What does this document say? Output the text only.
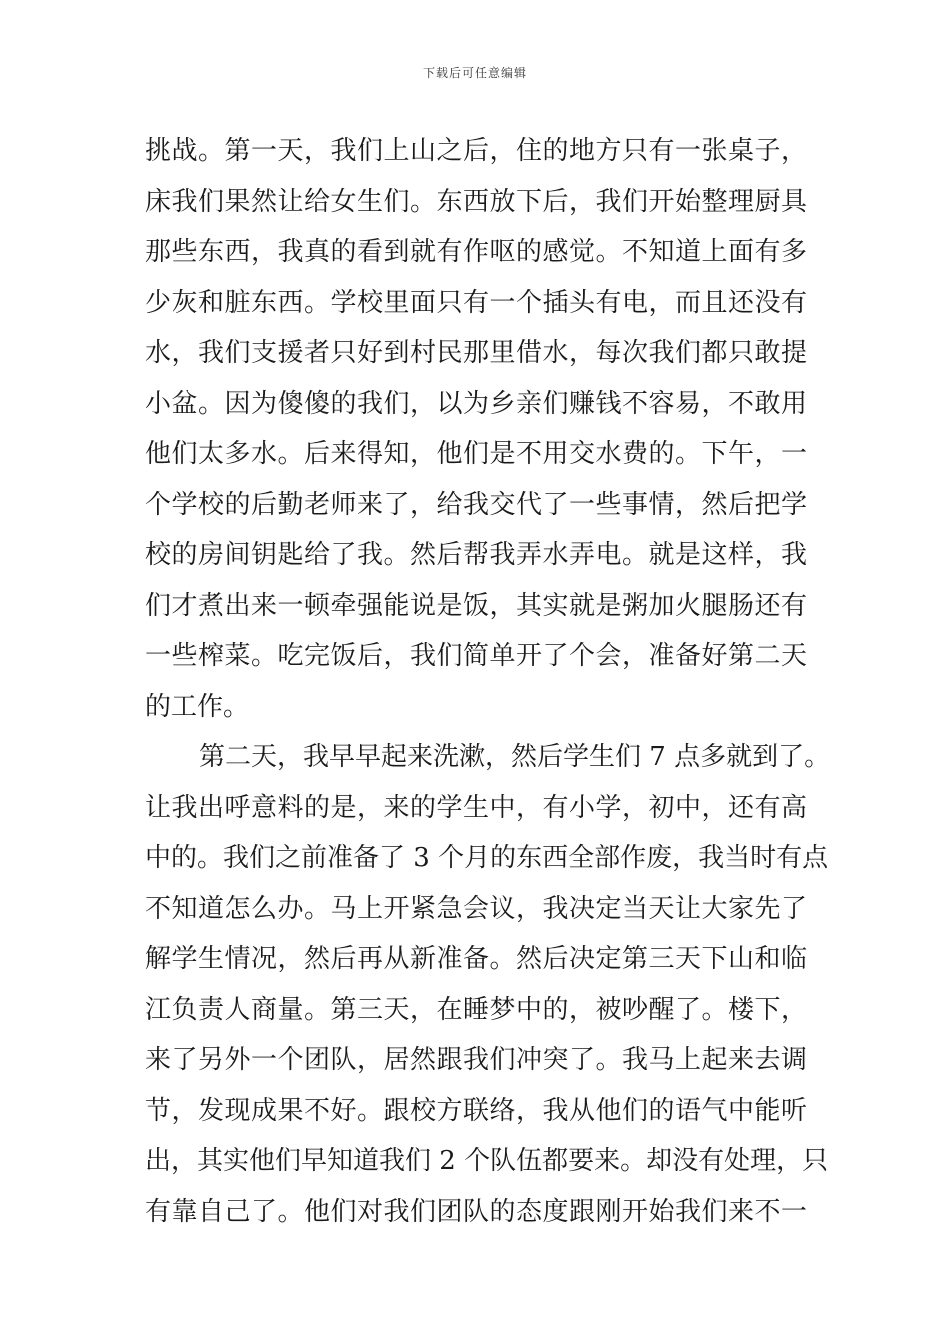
下载后可任意编辑
挑战。第一天，我们上山之后，住的地方只有一张桌子，
床我们果然让给女生们。东西放下后，我们开始整理厨具
那些东西，我真的看到就有作呕的感觉。不知道上面有多
少灰和脏东西。学校里面只有一个插头有电，而且还没有
水，我们支援者只好到村民那里借水，每次我们都只敢提
小盆。因为傻傻的我们，以为乡亲们赚钱不容易，不敢用
他们太多水。后来得知，他们是不用交水费的。下午，一
个学校的后勤老师来了，给我交代了一些事情，然后把学
校的房间钥匙给了我。然后帮我弄水弄电。就是这样，我
们才煮出来一顿牵强能说是饭，其实就是粥加火腿肠还有
一些榨菜。吃完饭后，我们简单开了个会，准备好第二天
的工作。
第二天，我早早起来洗漱，然后学生们 7 点多就到了。
让我出呼意料的是，来的学生中，有小学，初中，还有高
中的。我们之前准备了 3 个月的东西全部作废，我当时有点
不知道怎么办。马上开紧急会议，我决定当天让大家先了
解学生情况，然后再从新准备。然后决定第三天下山和临
江负责人商量。第三天，在睡梦中的，被吵醒了。楼下，
来了另外一个团队，居然跟我们冲突了。我马上起来去调
节，发现成果不好。跟校方联络，我从他们的语气中能听
出，其实他们早知道我们 2 个队伍都要来。却没有处理，只
有靠自己了。他们对我们团队的态度跟刚开始我们来不一
